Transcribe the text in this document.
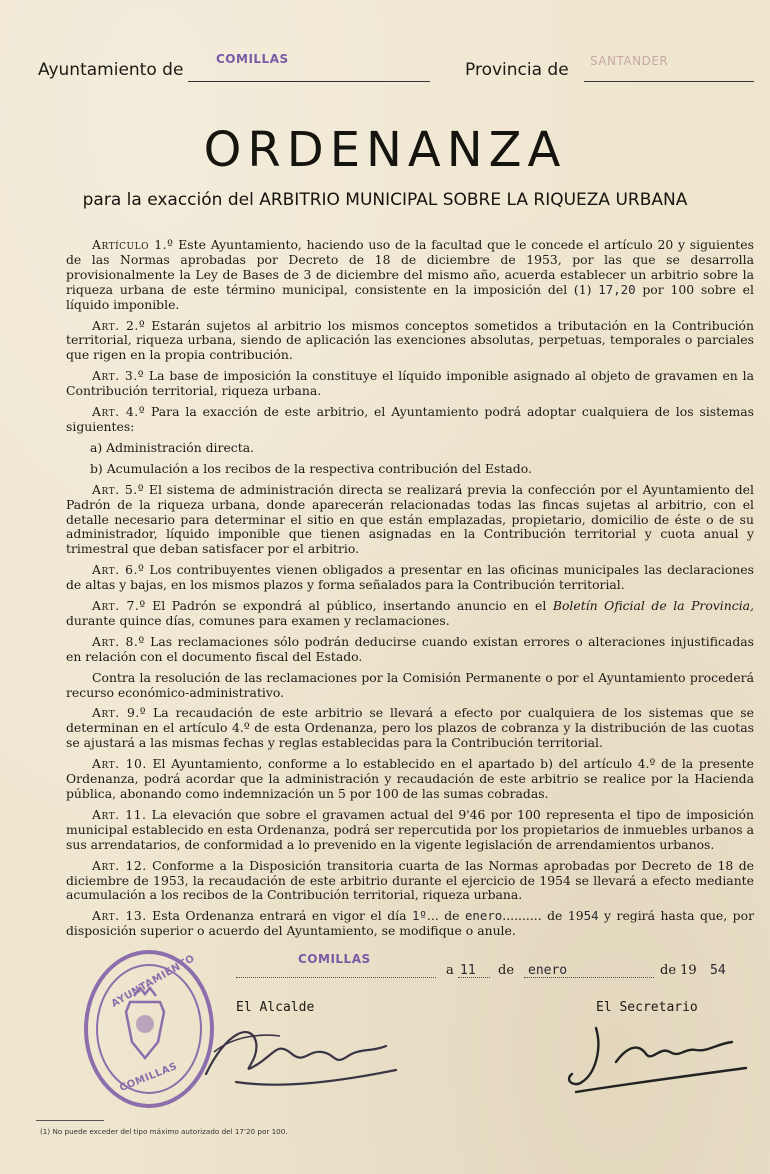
Ayuntamiento de
COMILLAS
Provincia de SANTANDER
ORDENANZA
para la exacción del ARBITRIO MUNICIPAL SOBRE LA RIQUEZA URBANA

Artículo 1.º Este Ayuntamiento, haciendo uso de la facultad que le concede el artículo 20 y siguientes de las Normas aprobadas por Decreto de 18 de diciembre de 1953, por las que se desarrolla provisionalmente la Ley de Bases de 3 de diciembre del mismo año, acuerda establecer un arbitrio sobre la riqueza urbana de este término municipal, consistente en la imposición del (1) 17,20 por 100 sobre el líquido imponible.

Art. 2.º Estarán sujetos al arbitrio los mismos conceptos sometidos a tributación en la Contribución territorial, riqueza urbana, siendo de aplicación las exenciones absolutas, perpetuas, temporales o parciales que rigen en la propia contribución.

Art. 3.º La base de imposición la constituye el líquido imponible asignado al objeto de gravamen en la Contribución territorial, riqueza urbana.

Art. 4.º Para la exacción de este arbitrio, el Ayuntamiento podrá adoptar cualquiera de los sistemas siguientes:

a) Administración directa.

b) Acumulación a los recibos de la respectiva contribución del Estado.

Art. 5.º El sistema de administración directa se realizará previa la confección por el Ayuntamiento del Padrón de la riqueza urbana, donde aparecerán relacionadas todas las fincas sujetas al arbitrio, con el detalle necesario para determinar el sitio en que están emplazadas, propietario, domicilio de éste o de su administrador, líquido imponible que tienen asignadas en la Contribución territorial y cuota anual y trimestral que deban satisfacer por el arbitrio.

Art. 6.º Los contribuyentes vienen obligados a presentar en las oficinas municipales las declaraciones de altas y bajas, en los mismos plazos y forma señalados para la Contribución territorial.

Art. 7.º El Padrón se expondrá al público, insertando anuncio en el Boletín Oficial de la Provincia, durante quince días, comunes para examen y reclamaciones.

Art. 8.º Las reclamaciones sólo podrán deducirse cuando existan errores o alteraciones injustificadas en relación con el documento fiscal del Estado.

Contra la resolución de las reclamaciones por la Comisión Permanente o por el Ayuntamiento procederá recurso económico-administrativo.

Art. 9.º La recaudación de este arbitrio se llevará a efecto por cualquiera de los sistemas que se determinan en el artículo 4.º de esta Ordenanza, pero los plazos de cobranza y la distribución de las cuotas se ajustará a las mismas fechas y reglas establecidas para la Contribución territorial.

Art. 10. El Ayuntamiento, conforme a lo establecido en el apartado b) del artículo 4.º de la presente Ordenanza, podrá acordar que la administración y recaudación de este arbitrio se realice por la Hacienda pública, abonando como indemnización un 5 por 100 de las sumas cobradas.

Art. 11. La elevación que sobre el gravamen actual del 9'46 por 100 representa el tipo de imposición municipal establecido en esta Ordenanza, podrá ser repercutida por los propietarios de inmuebles urbanos a sus arrendatarios, de conformidad a lo prevenido en la vigente legislación de arrendamientos urbanos.

Art. 12. Conforme a la Disposición transitoria cuarta de las Normas aprobadas por Decreto de 18 de diciembre de 1953, la recaudación de este arbitrio durante el ejercicio de 1954 se llevará a efecto mediante acumulación a los recibos de la Contribución territorial, riqueza urbana.

Art. 13. Esta Ordenanza entrará en vigor el día 1º... de enero.......... de 1954 y regirá hasta que, por disposición superior o acuerdo del Ayuntamiento, se modifique o anule.

COMILLAS
a 11 de enero	de 19 54
El Alcalde	El Secretario
AYUNTAMIENTO
COMILLAS
(1) No puede exceder del tipo máximo autorizado del 17'20 por 100.
